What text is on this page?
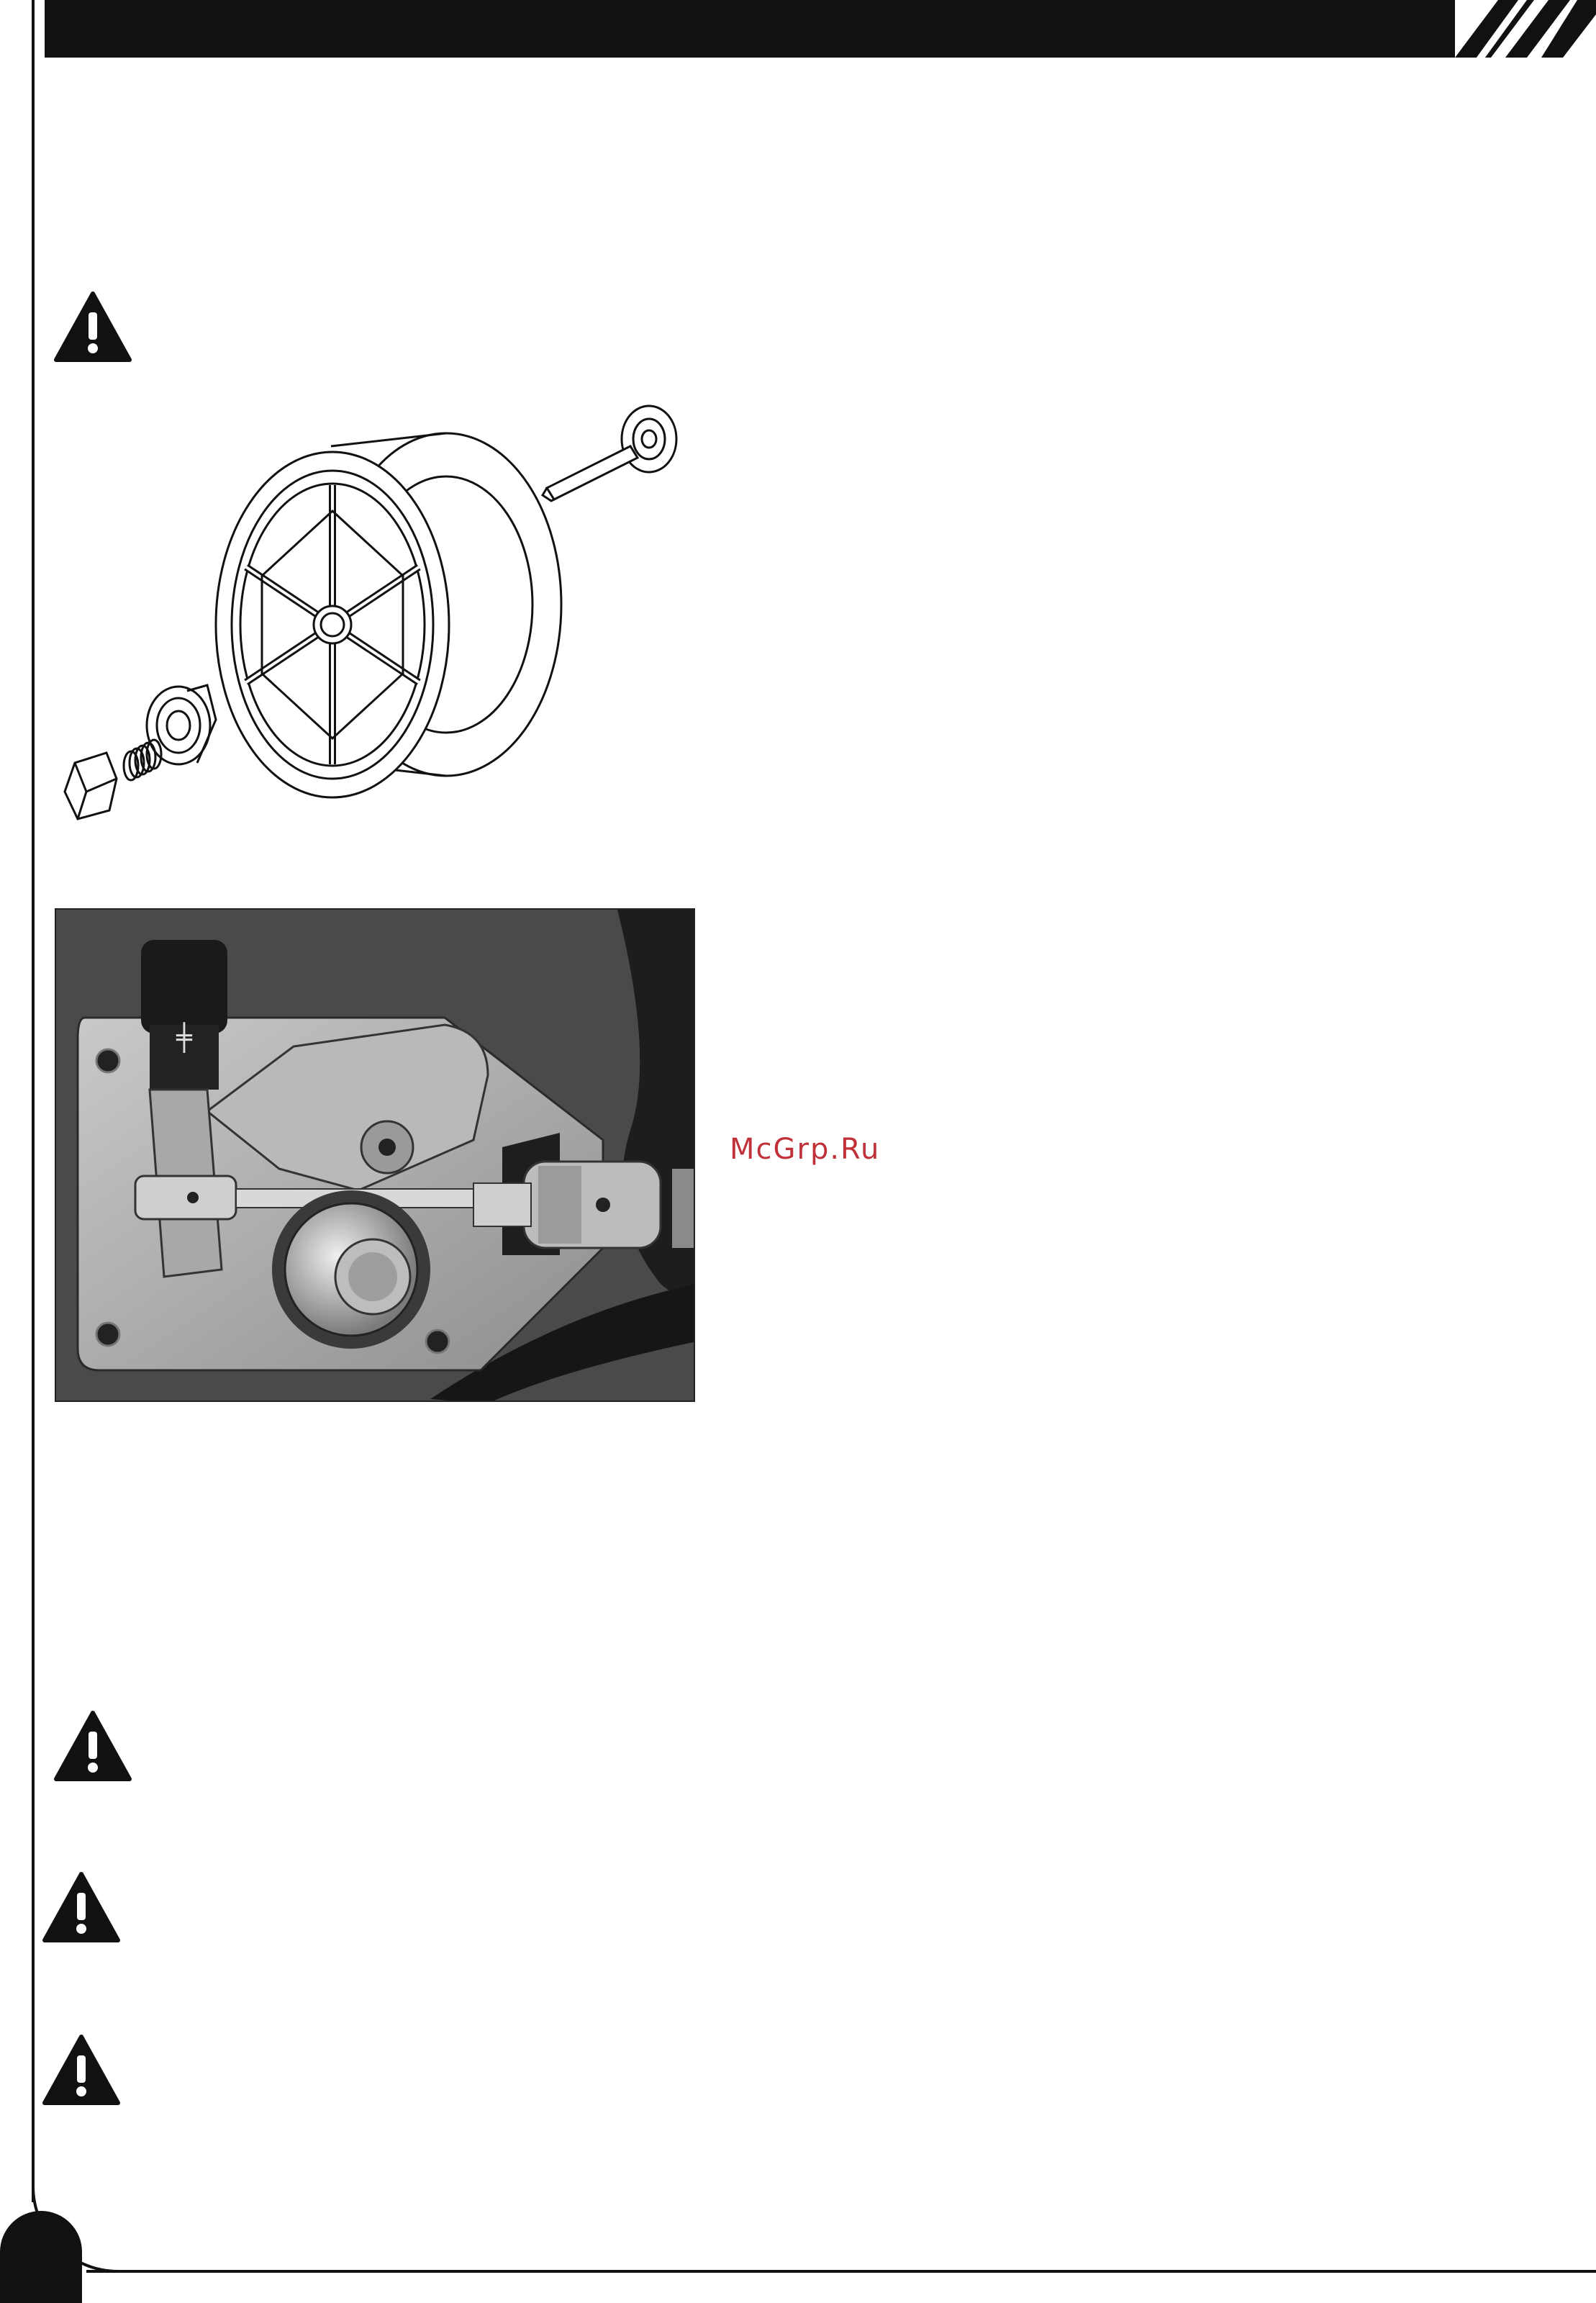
╪
McGrp.Ru
